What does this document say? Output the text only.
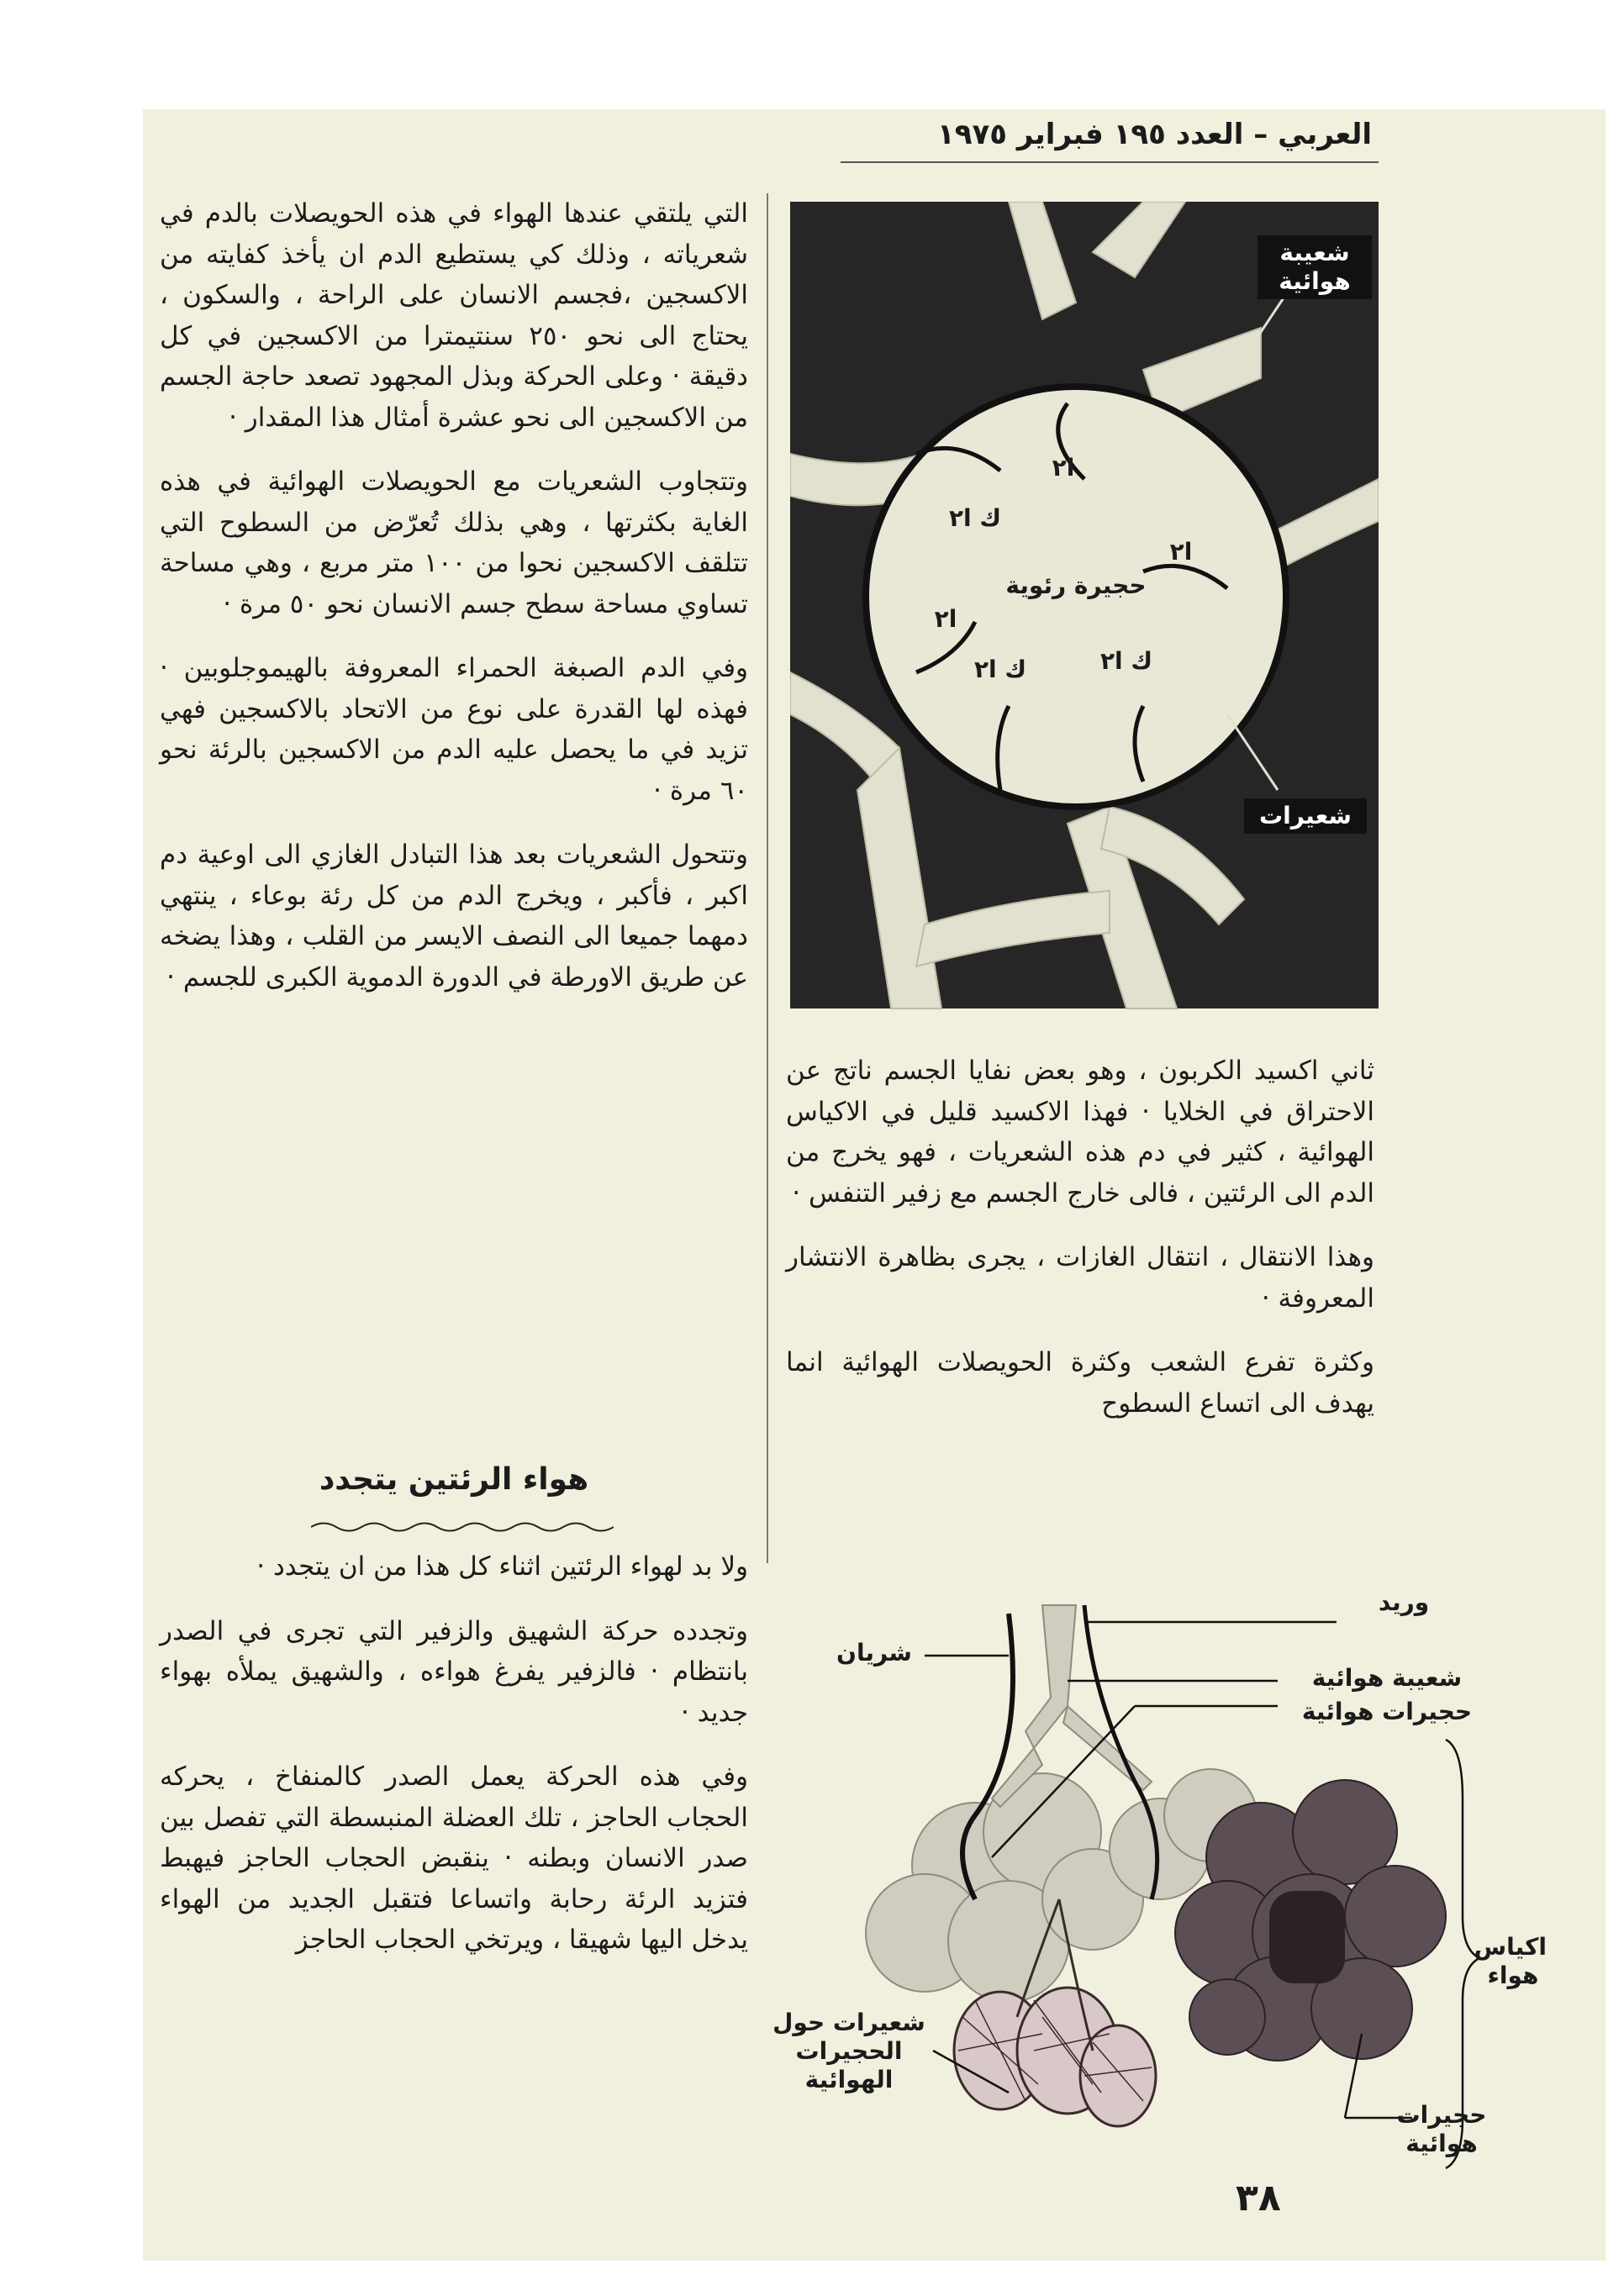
العربي – العدد ١٩٥ فبراير ١٩٧٥

التي يلتقي عندها الهواء في هذه الحويصلات بالدم في شعرياته ، وذلك كي يستطيع الدم ان يأخذ كفايته من الاكسجين ،فجسم الانسان على الراحة ، والسكون ، يحتاج الى نحو ٢٥٠ سنتيمترا من الاكسجين في كل دقيقة · وعلى الحركة وبذل المجهود تصعد حاجة الجسم من الاكسجين الى نحو عشرة أمثال هذا المقدار ·

وتتجاوب الشعريات مع الحويصلات الهوائية في هذه الغاية بكثرتها ، وهي بذلك تُعرّض من السطوح التي تتلقف الاكسجين نحوا من ١٠٠ متر مربع ، وهي مساحة تساوي مساحة سطح جسم الانسان نحو ٥٠ مرة ·

وفي الدم الصبغة الحمراء المعروفة بالهيموجلوبين · فهذه لها القدرة على نوع من الاتحاد بالاكسجين فهي تزيد في ما يحصل عليه الدم من الاكسجين بالرئة نحو ٦٠ مرة ·

وتتحول الشعريات بعد هذا التبادل الغازي الى اوعية دم اكبر ، فأكبر ، ويخرج الدم من كل رئة بوعاء ، ينتهي دمهما جميعا الى النصف الايسر من القلب ، وهذا يضخه عن طريق الاورطة في الدورة الدموية الكبرى للجسم ·

هواء الرئتين يتجدد

ولا بد لهواء الرئتين اثناء كل هذا من ان يتجدد ·

وتجدده حركة الشهيق والزفير التي تجرى في الصدر بانتظام · فالزفير يفرغ هواءه ، والشهيق يملأه بهواء جديد ·

وفي هذه الحركة يعمل الصدر كالمنفاخ ، يحركه الحجاب الحاجز ، تلك العضلة المنبسطة التي تفصل بين صدر الانسان وبطنه · ينقبض الحجاب الحاجز فيهبط فتزيد الرئة رحابة واتساعا فتقبل الجديد من الهواء يدخل اليها شهيقا ، ويرتخي الحجاب الحاجز

ثاني اكسيد الكربون ، وهو بعض نفايا الجسم ناتج عن الاحتراق في الخلايا · فهذا الاكسيد قليل في الاكياس الهوائية ، كثير في دم هذه الشعريات ، فهو يخرج من الدم الى الرئتين ، فالى خارج الجسم مع زفير التنفس ·

وهذا الانتقال ، انتقال الغازات ، يجرى بظاهرة الانتشار المعروفة ·

وكثرة تفرع الشعب وكثرة الحويصلات الهوائية انما يهدف الى اتساع السطوح

شعيبة هوائية
شعيرات
حجيرة رئوية
ا٢
ا٢
ا٢
ك ا٢
ك ا٢	ك ا٢
وريد
شريان
شعيبة هوائية
حجيرات هوائية
اكياس هواء
شعيرات حول الحجيرات الهوائية
حجيرات هوائية
٣٨
